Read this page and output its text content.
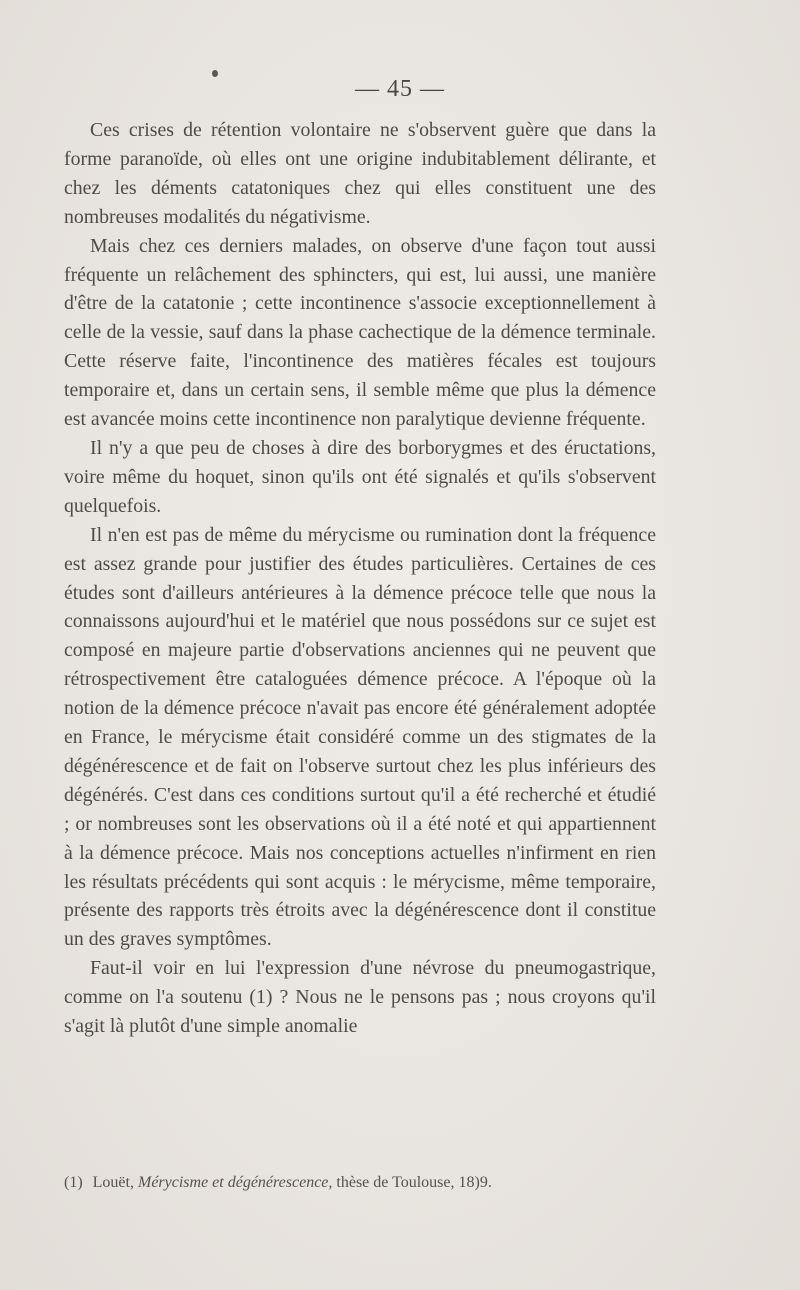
— 45 —

Ces crises de rétention volontaire ne s'observent guère que dans la forme paranoïde, où elles ont une origine indubitablement délirante, et chez les déments catatoniques chez qui elles constituent une des nombreuses modalités du négativisme.

Mais chez ces derniers malades, on observe d'une façon tout aussi fréquente un relâchement des sphincters, qui est, lui aussi, une manière d'être de la catatonie ; cette incontinence s'associe exceptionnellement à celle de la vessie, sauf dans la phase cachectique de la démence terminale. Cette réserve faite, l'incontinence des matières fécales est toujours temporaire et, dans un certain sens, il semble même que plus la démence est avancée moins cette incontinence non paralytique devienne fréquente.

Il n'y a que peu de choses à dire des borborygmes et des éructations, voire même du hoquet, sinon qu'ils ont été signalés et qu'ils s'observent quelquefois.

Il n'en est pas de même du mérycisme ou rumination dont la fréquence est assez grande pour justifier des études particulières. Certaines de ces études sont d'ailleurs antérieures à la démence précoce telle que nous la connaissons aujourd'hui et le matériel que nous possédons sur ce sujet est composé en majeure partie d'observations anciennes qui ne peuvent que rétrospectivement être cataloguées démence précoce. A l'époque où la notion de la démence précoce n'avait pas encore été généralement adoptée en France, le mérycisme était considéré comme un des stigmates de la dégénérescence et de fait on l'observe surtout chez les plus inférieurs des dégénérés. C'est dans ces conditions surtout qu'il a été recherché et étudié ; or nombreuses sont les observations où il a été noté et qui appartiennent à la démence précoce. Mais nos conceptions actuelles n'infirment en rien les résultats précédents qui sont acquis : le mérycisme, même temporaire, présente des rapports très étroits avec la dégénérescence dont il constitue un des graves symptômes.

Faut-il voir en lui l'expression d'une névrose du pneumogastrique, comme on l'a soutenu (1) ? Nous ne le pensons pas ; nous croyons qu'il s'agit là plutôt d'une simple anomalie

(1) Louët, Mérycisme et dégénérescence, thèse de Toulouse, 18)9.
